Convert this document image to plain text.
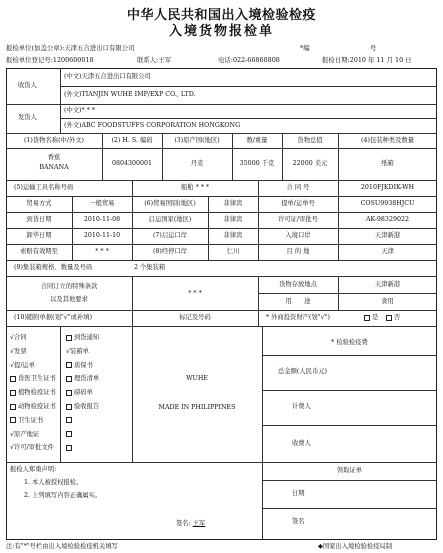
中华人民共和国出入境检验检疫
入境货物报检单
报检单位(加盖公章):天津五合进出口有限公司	*编	号
报检单位登记号:1200600018	联系人:王军	电话:022-66860808	报检日期:2010 年 11 月 10 日
收货人
(中文)天津五合进出口有限公司
(外文)TIANJIN WUHE IMP/EXP CO., LTD.
发货人
(中文)* * *
(外文)ABC FOODSTUFFS CORPORATION HONGKONG
(1)货物名称(中/外文)	(2) H. S. 编码	(3)原产国(地区)	数/重量	货物总值	(4)包装种类及数量
香蕉
BANANA
0804300001	丹麦	35000 千克	22000 美元	纸箱
(5)运输工具名称号码	船舶 * * *	合 同 号	2010FJKDIK-WH
贸易方式	一般贸易	(6)贸易国别(地区)	菲律宾	提单/运单号	COSU9938HJCU
到货日期	2010-11-08	启运国家(地区)	菲律宾	许可证/审批号	AK-98329022
卸毕日期	2010-11-10	(7)启运口岸	菲律宾	入境口岸	天津新港
索赔有效期至	* * *	(8)经停口岸	仁川	目 的 地	天津
(9)集装箱规格、数量及号码	2 个集装箱
合同订立的特殊条款
以及其他要求
* * *
货物存放地点	天津新港
用　　途	食用
(10)随附单据(划"√"或补填)	标记及号码	* 外商投资财产(划"√")	是	否
√合同
√发票
√提/运单
兽医卫生证书
植物检疫证书
动物检疫证书
卫生证书
√原产地证
√许可/审批文件
到货通知
√装箱单
质保书
理货清单
磅码单
验收报告
WUHE
MADE IN PHILIPPINES
* 检验检疫费
总金额(人民币元)
计费人
收费人
报检人郑重声明:
1. 本人被授权报检。
2. 上列填写内容正确属实。
签名: 王军
领取证单
日期
签名
注:有"*"号栏由出入境检验检疫机关填写	◆国家出入境检验检疫局制
